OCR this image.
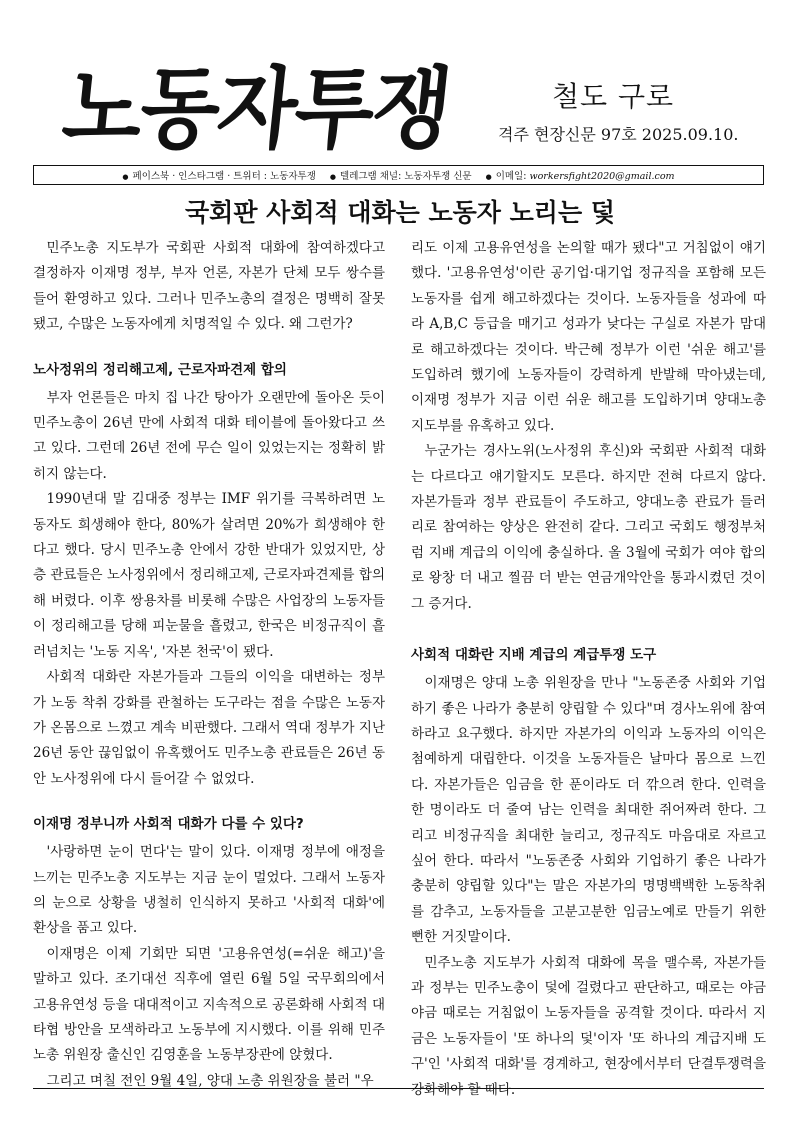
노동자투쟁	철도 구로
격주 현장신문 97호 2025.09.10.
● 페이스북 · 인스타그램 · 트위터 : 노동자투쟁	● 텔레그램 채널: 노동자투쟁 신문	● 이메일: workersfight2020@gmail.com
국회판 사회적 대화는 노동자 노리는 덫

민주노총 지도부가 국회판 사회적 대화에 참여하겠다고 결정하자 이재명 정부, 부자 언론, 자본가 단체 모두 쌍수를 들어 환영하고 있다. 그러나 민주노총의 결정은 명백히 잘못됐고, 수많은 노동자에게 치명적일 수 있다. 왜 그런가?

노사정위의 정리해고제, 근로자파견제 합의

부자 언론들은 마치 집 나간 탕아가 오랜만에 돌아온 듯이 민주노총이 26년 만에 사회적 대화 테이블에 돌아왔다고 쓰고 있다. 그런데 26년 전에 무슨 일이 있었는지는 정확히 밝히지 않는다.

1990년대 말 김대중 정부는 IMF 위기를 극복하려면 노동자도 희생해야 한다, 80%가 살려면 20%가 희생해야 한다고 했다. 당시 민주노총 안에서 강한 반대가 있었지만, 상층 관료들은 노사정위에서 정리해고제, 근로자파견제를 합의해 버렸다. 이후 쌍용차를 비롯해 수많은 사업장의 노동자들이 정리해고를 당해 피눈물을 흘렸고, 한국은 비정규직이 흘러넘치는 '노동 지옥', '자본 천국'이 됐다.

사회적 대화란 자본가들과 그들의 이익을 대변하는 정부가 노동 착취 강화를 관철하는 도구라는 점을 수많은 노동자가 온몸으로 느꼈고 계속 비판했다. 그래서 역대 정부가 지난 26년 동안 끊임없이 유혹했어도 민주노총 관료들은 26년 동안 노사정위에 다시 들어갈 수 없었다.

이재명 정부니까 사회적 대화가 다를 수 있다?

'사랑하면 눈이 먼다'는 말이 있다. 이재명 정부에 애정을 느끼는 민주노총 지도부는 지금 눈이 멀었다. 그래서 노동자의 눈으로 상황을 냉철히 인식하지 못하고 '사회적 대화'에 환상을 품고 있다.

이재명은 이제 기회만 되면 '고용유연성(=쉬운 해고)'을 말하고 있다. 조기대선 직후에 열린 6월 5일 국무회의에서 고용유연성 등을 대대적이고 지속적으로 공론화해 사회적 대타협 방안을 모색하라고 노동부에 지시했다. 이를 위해 민주노총 위원장 출신인 김영훈을 노동부장관에 앉혔다.

그리고 며칠 전인 9월 4일, 양대 노총 위원장을 불러 "우

리도 이제 고용유연성을 논의할 때가 됐다"고 거침없이 얘기했다. '고용유연성'이란 공기업·대기업 정규직을 포함해 모든 노동자를 쉽게 해고하겠다는 것이다. 노동자들을 성과에 따라 A,B,C 등급을 매기고 성과가 낮다는 구실로 자본가 맘대로 해고하겠다는 것이다. 박근혜 정부가 이런 '쉬운 해고'를 도입하려 했기에 노동자들이 강력하게 반발해 막아냈는데, 이재명 정부가 지금 이런 쉬운 해고를 도입하기며 양대노총 지도부를 유혹하고 있다.

누군가는 경사노위(노사정위 후신)와 국회판 사회적 대화는 다르다고 얘기할지도 모른다. 하지만 전혀 다르지 않다. 자본가들과 정부 관료들이 주도하고, 양대노총 관료가 들러리로 참여하는 양상은 완전히 같다. 그리고 국회도 행정부처럼 지배 계급의 이익에 충실하다. 올 3월에 국회가 여야 합의로 왕창 더 내고 찔끔 더 받는 연금개악안을 통과시켰던 것이 그 증거다.

사회적 대화란 지배 계급의 계급투쟁 도구

이재명은 양대 노총 위원장을 만나 "노동존중 사회와 기업하기 좋은 나라가 충분히 양립할 수 있다"며 경사노위에 참여하라고 요구했다. 하지만 자본가의 이익과 노동자의 이익은 첨예하게 대립한다. 이것을 노동자들은 날마다 몸으로 느낀다. 자본가들은 임금을 한 푼이라도 더 깎으려 한다. 인력을 한 명이라도 더 줄여 남는 인력을 최대한 쥐어짜려 한다. 그리고 비정규직을 최대한 늘리고, 정규직도 마음대로 자르고 싶어 한다. 따라서 "노동존중 사회와 기업하기 좋은 나라가 충분히 양립할 있다"는 말은 자본가의 명명백백한 노동착취를 감추고, 노동자들을 고분고분한 임금노예로 만들기 위한 뻔한 거짓말이다.

민주노총 지도부가 사회적 대화에 목을 맬수록, 자본가들과 정부는 민주노총이 덫에 걸렸다고 판단하고, 때로는 야금야금 때로는 거침없이 노동자들을 공격할 것이다. 따라서 지금은 노동자들이 '또 하나의 덫'이자 '또 하나의 계급지배 도구'인 '사회적 대화'를 경계하고, 현장에서부터 단결투쟁력을 강화해야 할 때다.
